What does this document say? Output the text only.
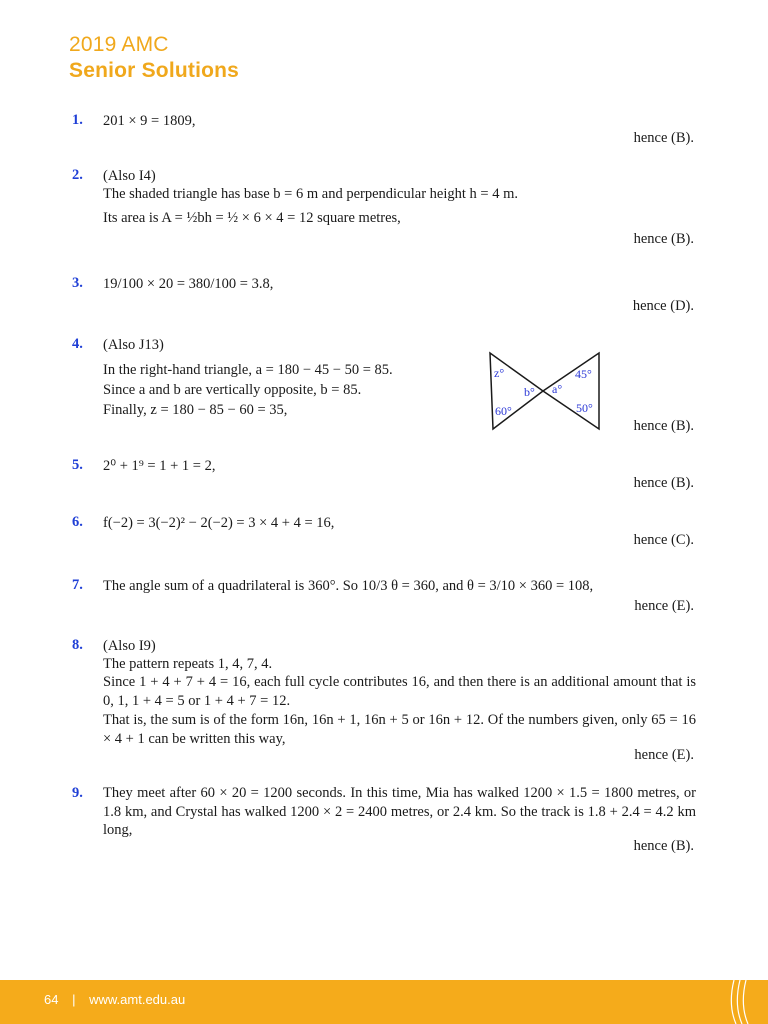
2019 AMC
Senior Solutions
1. 201 × 9 = 1809,
hence (B).
2. (Also I4)
The shaded triangle has base b = 6 m and perpendicular height h = 4 m.
Its area is A = ½bh = ½ × 6 × 4 = 12 square metres,
hence (B).
3. 19/100 × 20 = 380/100 = 3.8,
hence (D).
4. (Also J13)
In the right-hand triangle, a = 180 − 45 − 50 = 85.
Since a and b are vertically opposite, b = 85.
Finally, z = 180 − 85 − 60 = 35,
hence (B).
5. 2⁰ + 1⁹ = 1 + 1 = 2,
hence (B).
6. f(−2) = 3(−2)² − 2(−2) = 3 × 4 + 4 = 16,
hence (C).
7. The angle sum of a quadrilateral is 360°. So 10/3 θ = 360, and θ = 3/10 × 360 = 108,
hence (E).
8. (Also I9)
The pattern repeats 1, 4, 7, 4.
Since 1 + 4 + 7 + 4 = 16, each full cycle contributes 16, and then there is an additional amount that is 0, 1, 1 + 4 = 5 or 1 + 4 + 7 = 12.
That is, the sum is of the form 16n, 16n + 1, 16n + 5 or 16n + 12. Of the numbers given, only 65 = 16 × 4 + 1 can be written this way,
hence (E).
9. They meet after 60 × 20 = 1200 seconds. In this time, Mia has walked 1200 × 1.5 = 1800 metres, or 1.8 km, and Crystal has walked 1200 × 2 = 2400 metres, or 2.4 km. So the track is 1.8 + 2.4 = 4.2 km long,
hence (B).
z°
b° a°
45°
60°	50°
64 | www.amt.edu.au
